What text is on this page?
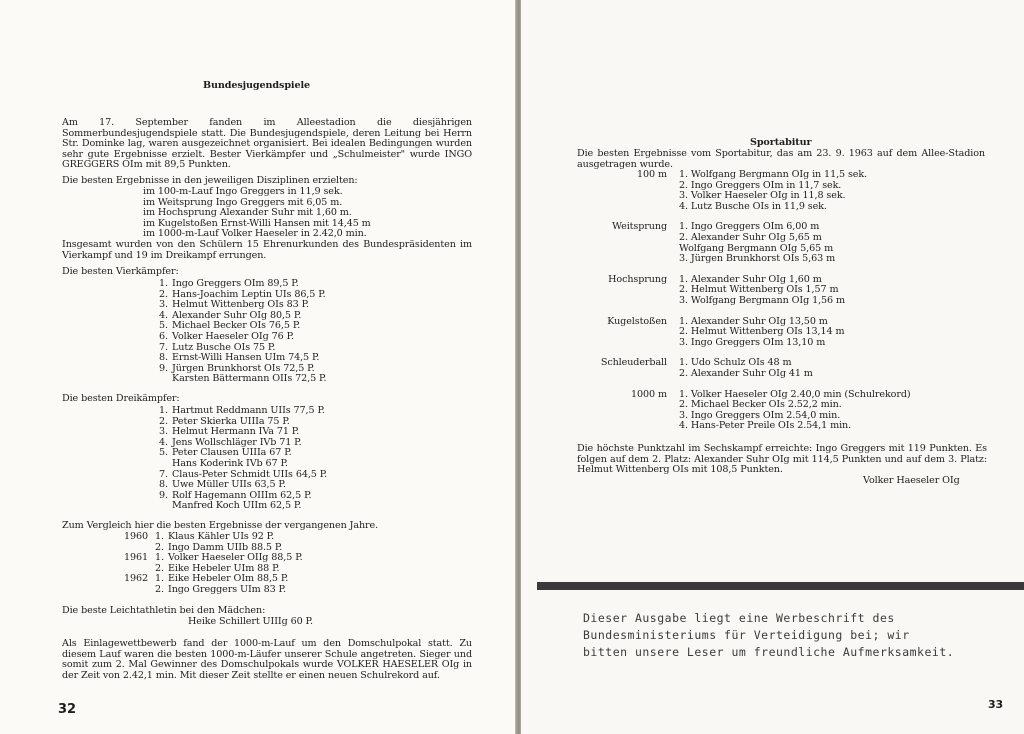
Bundesjugendspiele
Am 17. September fanden im Alleestadion die diesjährigen Sommerbundesjugendspiele statt. Die Bundesjugendspiele, deren Leitung bei Herrn Str. Dominke lag, waren ausgezeichnet organisiert. Bei idealen Bedingungen wurden sehr gute Ergebnisse erzielt. Bester Vierkämpfer und „Schulmeister" wurde INGO GREGGERS OIm mit 89,5 Punkten.
Die besten Ergebnisse in den jeweiligen Disziplinen erzielten:
im 100-m-Lauf Ingo Greggers in 11,9 sek.
im Weitsprung Ingo Greggers mit 6,05 m.
im Hochsprung Alexander Suhr mit 1,60 m.
im Kugelstoßen Ernst-Willi Hansen mit 14,45 m
im 1000-m-Lauf Volker Haeseler in 2.42,0 min.
Insgesamt wurden von den Schülern 15 Ehrenurkunden des Bundespräsidenten im Vierkampf und 19 im Dreikampf errungen.
Die besten Vierkämpfer:
1. Ingo Greggers OIm 89,5 P.
2. Hans-Joachim Leptin UIs 86,5 P.
3. Helmut Wittenberg OIs 83 P.
4. Alexander Suhr OIg 80,5 P.
5. Michael Becker OIs 76,5 P.
6. Volker Haeseler OIg 76 P.
7. Lutz Busche OIs 75 P.
8. Ernst-Willi Hansen UIm 74,5 P.
9. Jürgen Brunkhorst OIs 72,5 P.
Karsten Bättermann OIIs 72,5 P.
Die besten Dreikämpfer:
1. Hartmut Reddmann UIIs 77,5 P.
2. Peter Skierka UIIIa 75 P.
3. Helmut Hermann IVa 71 P.
4. Jens Wollschläger IVb 71 P.
5. Peter Clausen UIIIa 67 P.
Hans Koderink IVb 67 P.
7. Claus-Peter Schmidt UIIs 64,5 P.
8. Uwe Müller UIIs 63,5 P.
9. Rolf Hagemann OIIIm 62,5 P.
Manfred Koch UIIm 62,5 P.
Zum Vergleich hier die besten Ergebnisse der vergangenen Jahre.
1960 1. Klaus Kähler UIs 92 P.
2. Ingo Damm UIIb 88.5 P.
1961 1. Volker Haeseler OIIg 88,5 P.
2. Eike Hebeler UIm 88 P.
1962 1. Eike Hebeler OIm 88,5 P.
2. Ingo Greggers UIm 83 P.
Die beste Leichtathletin bei den Mädchen:
Heike Schillert UIIIg 60 P.
Als Einlagewettbewerb fand der 1000-m-Lauf um den Domschulpokal statt. Zu diesem Lauf waren die besten 1000-m-Läufer unserer Schule angetreten. Sieger und somit zum 2. Mal Gewinner des Domschulpokals wurde VOLKER HAESELER OIg in der Zeit von 2.42,1 min. Mit dieser Zeit stellte er einen neuen Schulrekord auf.
32
Sportabitur
Die besten Ergebnisse vom Sportabitur, das am 23. 9. 1963 auf dem Allee-Stadion ausgetragen wurde.
100 m	1. Wolfgang Bergmann OIg in 11,5 sek.
2. Ingo Greggers OIm in 11,7 sek.
3. Volker Haeseler OIg in 11,8 sek.
4. Lutz Busche OIs in 11,9 sek.
Weitsprung	1. Ingo Greggers OIm 6,00 m
2. Alexander Suhr OIg 5,65 m
Wolfgang Bergmann OIg 5,65 m
3. Jürgen Brunkhorst OIs 5,63 m
Hochsprung	1. Alexander Suhr OIg 1,60 m
2. Helmut Wittenberg OIs 1,57 m
3. Wolfgang Bergmann OIg 1,56 m
Kugelstoßen	1. Alexander Suhr OIg 13,50 m
2. Helmut Wittenberg OIs 13,14 m
3. Ingo Greggers OIm 13,10 m
Schleuderball	1. Udo Schulz OIs 48 m
2. Alexander Suhr OIg 41 m
1000 m	1. Volker Haeseler OIg 2.40,0 min (Schulrekord)
2. Michael Becker OIs 2.52,2 min.
3. Ingo Greggers OIm 2.54,0 min.
4. Hans-Peter Preile OIs 2.54,1 min.
Die höchste Punktzahl im Sechskampf erreichte: Ingo Greggers mit 119 Punkten. Es folgen auf dem 2. Platz: Alexander Suhr OIg mit 114,5 Punkten und auf dem 3. Platz: Helmut Wittenberg OIs mit 108,5 Punkten.
Volker Haeseler OIg
Dieser Ausgabe liegt eine Werbeschrift des
Bundesministeriums für Verteidigung bei; wir
bitten unsere Leser um freundliche Aufmerksamkeit.
33
